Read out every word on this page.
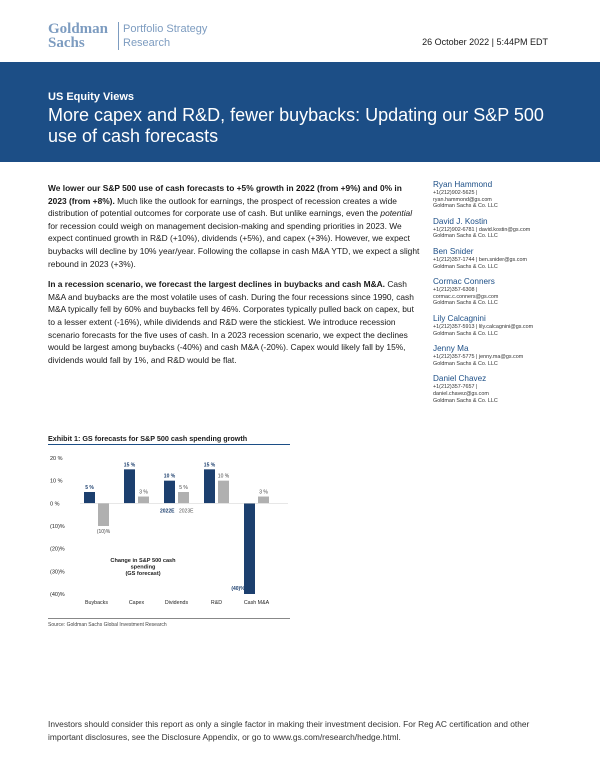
Goldman
Sachs
Portfolio Strategy
Research	26 October 2022 | 5:44PM EDT
US Equity Views
More capex and R&D, fewer buybacks: Updating our S&P 500 use of cash forecasts

We lower our S&P 500 use of cash forecasts to +5% growth in 2022 (from +9%) and 0% in 2023 (from +8%). Much like the outlook for earnings, the prospect of recession creates a wide distribution of potential outcomes for corporate use of cash. But unlike earnings, even the potential for recession could weigh on management decision-making and spending priorities in 2023. We expect continued growth in R&D (+10%), dividends (+5%), and capex (+3%). However, we expect buybacks will decline by 10% year/year. Following the collapse in cash M&A YTD, we expect a slight rebound in 2023 (+3%).

In a recession scenario, we forecast the largest declines in buybacks and cash M&A. Cash M&A and buybacks are the most volatile uses of cash. During the four recessions since 1990, cash M&A typically fell by 60% and buybacks fell by 46%. Corporates typically pulled back on capex, but to a lesser extent (-16%), while dividends and R&D were the stickiest. We introduce recession scenario forecasts for the five uses of cash. In a 2023 recession scenario, we expect the declines would be largest among buybacks (-40%) and cash M&A (-20%). Capex would likely fall by 15%, dividends would fall by 1%, and R&D would be flat.

Ryan Hammond
+1(212)902-5625 |
ryan.hammond@gs.com
Goldman Sachs & Co. LLC
David J. Kostin
+1(212)902-6781 | david.kostin@gs.com
Goldman Sachs & Co. LLC
Ben Snider
+1(212)357-1744 | ben.snider@gs.com
Goldman Sachs & Co. LLC
Cormac Conners
+1(212)357-6308 |
cormac.c.conners@gs.com
Goldman Sachs & Co. LLC
Lily Calcagnini
+1(212)357-5913 | lily.calcagnini@gs.com
Goldman Sachs & Co. LLC
Jenny Ma
+1(212)357-5775 | jenny.ma@gs.com
Goldman Sachs & Co. LLC
Daniel Chavez
+1(212)357-7657 |
daniel.chavez@gs.com
Goldman Sachs & Co. LLC
Exhibit 1: GS forecasts for S&P 500 cash spending growth
20 %
10 %
0 %
(10)%
(20)%
(30)%
(40)%
5 %
(10)%
Buybacks
15 %
3 %
Capex
10 %
5 %
Dividends
15 %
10 %
R&D
(40)%
3 %
Cash M&A
2022E 2023E
Change in S&P 500 cash
spending
(GS forecast)
Source: Goldman Sachs Global Investment Research
Investors should consider this report as only a single factor in making their investment decision. For Reg AC certification and other important disclosures, see the Disclosure Appendix, or go to www.gs.com/research/hedge.html.
